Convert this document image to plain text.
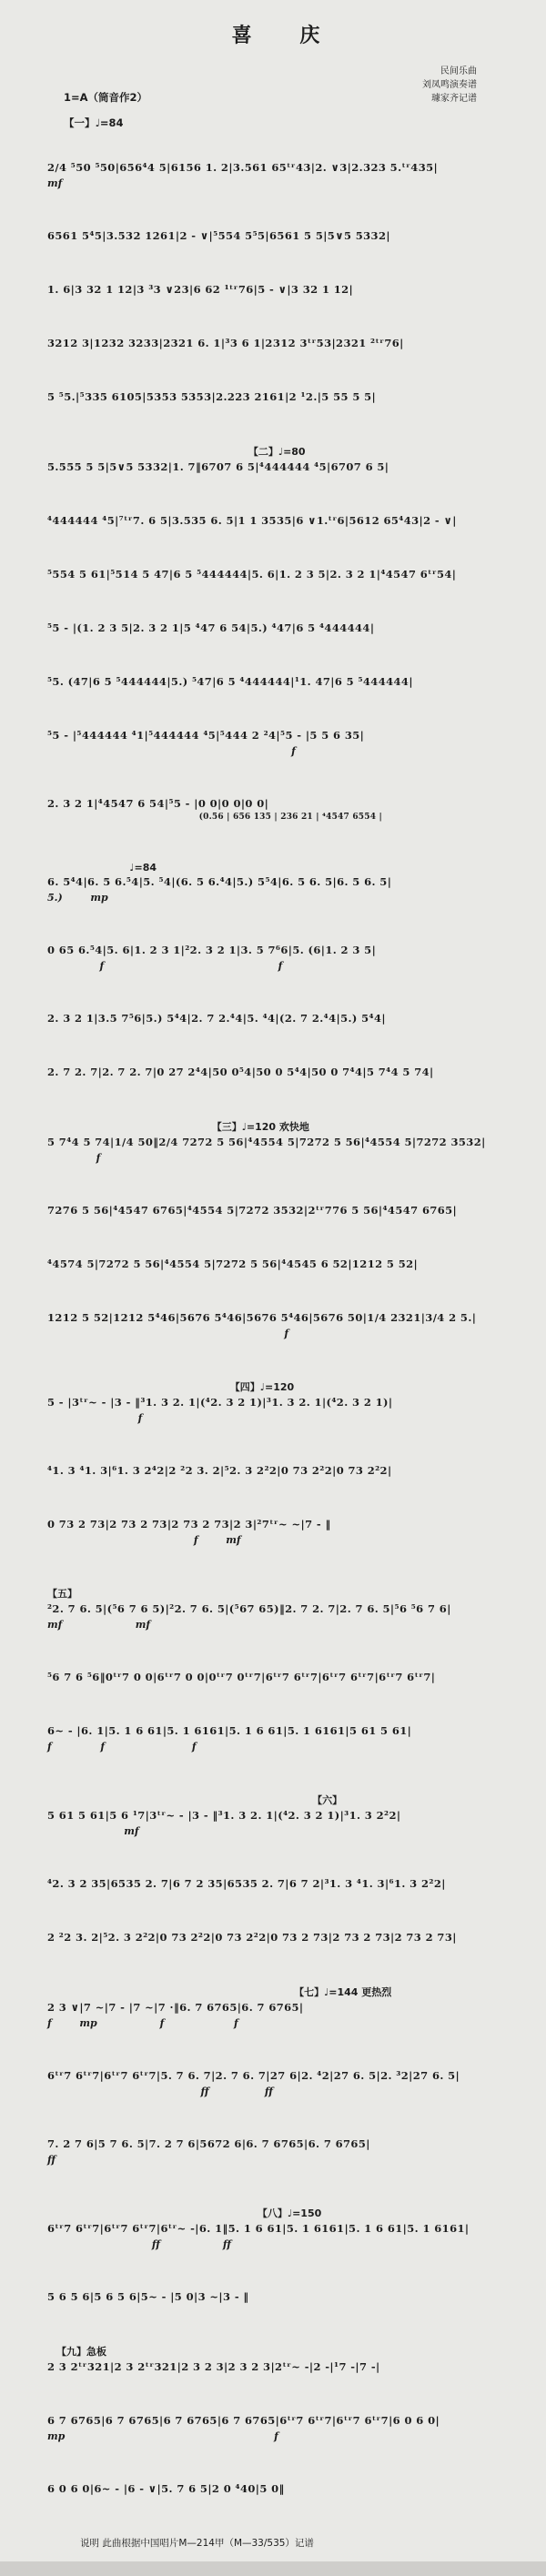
喜庆
1=A（筒音作2）
【一】♩=84
民间乐曲
刘凤鸣演奏谱
璩家齐记谱
2/4 ⁵50 ⁵50|656⁴4 5|6156 1. 2|3.561 65ᵗʳ43|2. ∨3|2.323 5.ᵗʳ435|
mf
6561 5⁴5|3.532 1261|2 - ∨|⁵554 5⁵5|6561 5 5|5∨5 5332|
1. 6|3 32 1 12|3 ³3 ∨23|6 62 ¹ᵗʳ76|5 - ∨|3 32 1 12|
3212 3|1232 3233|2321 6. 1|³3 6 1|2312 3ᵗʳ53|2321 ²ᵗʳ76|
5 ⁵5.|⁵335 6105|5353 5353|2.223 2161|2 ¹2.|5 55 5 5|
【二】♩=80
5.555 5 5|5∨5 5332|1. 7‖6707 6 5|⁴444444 ⁴5|6707 6 5|
⁴444444 ⁴5|⁷ᵗʳ7. 6 5|3.535 6. 5|1 1 3535|6 ∨1.ᵗʳ6|5612 65⁴43|2 - ∨|
⁵554 5 61|⁵514 5 47|6 5 ⁵444444|5. 6|1. 2 3 5|2. 3 2 1|⁴4547 6ᵗʳ54|
⁵5 - |(1. 2 3 5|2. 3 2 1|5 ⁴47 6 54|5.) ⁴47|6 5 ⁴444444|
⁵5. (47|6 5 ⁵444444|5.) ⁵47|6 5 ⁴444444|¹1. 47|6 5 ⁵444444|
⁵5 - |⁵444444 ⁴1|⁵444444 ⁴5|⁵444 2 ²4|⁵5 - |5 5 6 35|
f
2. 3 2 1|⁴4547 6 54|⁵5 - |0 0|0 0|0 0|
(0.56 | 656 135 | 236 21 | ⁴4547 6554 |
♩=84
6. 5⁴4|6. 5 6.⁵4|5. ⁵4|(6. 5 6.⁴4|5.) 5⁵4|6. 5 6. 5|6. 5 6. 5|
5.)        mp
0 65 6.⁵4|5. 6|1. 2 3 1|²2. 3 2 1|3. 5 7⁶6|5. (6|1. 2 3 5|
f                                                  f
2. 3 2 1|3.5 7⁵6|5.) 5⁴4|2. 7 2.⁴4|5. ⁴4|(2. 7 2.⁴4|5.) 5⁴4|
2. 7 2. 7|2. 7 2. 7|0 27 2⁴4|50 0⁵4|50 0 5⁴4|50 0 7⁴4|5 7⁴4 5 74|
【三】♩=120 欢快地
5 7⁴4 5 74|1/4 50‖2/4 7272 5 56|⁴4554 5|7272 5 56|⁴4554 5|7272 3532|
f
7276 5 56|⁴4547 6765|⁴4554 5|7272 3532|2ᵗʳ776 5 56|⁴4547 6765|
⁴4574 5|7272 5 56|⁴4554 5|7272 5 56|⁴4545 6 52|1212 5 52|
1212 5 52|1212 5⁴46|5676 5⁴46|5676 5⁴46|5676 50|1/4 2321|3/4 2 5.|
f
【四】♩=120
5 - |3ᵗʳ~ - |3 - ‖³1. 3 2. 1|(⁴2. 3 2 1)|³1. 3 2. 1|(⁴2. 3 2 1)|
f
⁴1. 3 ⁴1. 3|⁶1. 3 2⁴2|2 ²2 3. 2|⁵2. 3 2²2|0 73 2²2|0 73 2²2|
0 73 2 73|2 73 2 73|2 73 2 73|2 3|²7ᵗʳ~ ~|7 - ‖
f        mf
【五】
²2. 7 6. 5|(⁵6 7 6 5)|²2. 7 6. 5|(⁵67 65)‖2. 7 2. 7|2. 7 6. 5|⁵6 ⁵6 7 6|
mf                     mf
⁵6 7 6 ⁵6‖0ᵗʳ7 0 0|6ᵗʳ7 0 0|0ᵗʳ7 0ᵗʳ7|6ᵗʳ7 6ᵗʳ7|6ᵗʳ7 6ᵗʳ7|6ᵗʳ7 6ᵗʳ7|
6~ - |6. 1|5. 1 6 61|5. 1 6161|5. 1 6 61|5. 1 6161|5 61 5 61|
f              f                         f
【六】
5 61 5 61|5 6 ¹7|3ᵗʳ~ - |3 - ‖³1. 3 2. 1|(⁴2. 3 2 1)|³1. 3 2²2|
mf
⁴2. 3 2 35|6535 2. 7|6 7 2 35|6535 2. 7|6 7 2|³1. 3 ⁴1. 3|⁶1. 3 2²2|
2 ²2 3. 2|⁵2. 3 2²2|0 73 2²2|0 73 2²2|0 73 2 73|2 73 2 73|2 73 2 73|
【七】♩=144 更热烈
2 3 ∨|7 ~|7 - |7 ~|7 ·‖6. 7 6765|6. 7 6765|
f        mp                  f                    f
6ᵗʳ7 6ᵗʳ7|6ᵗʳ7 6ᵗʳ7|5. 7 6. 7|2. 7 6. 7|27 6|2. ⁴2|27 6. 5|2. ³2|27 6. 5|
ff                ff
7. 2 7 6|5 7 6. 5|7. 2 7 6|5672 6|6. 7 6765|6. 7 6765|
ff
【八】♩=150
6ᵗʳ7 6ᵗʳ7|6ᵗʳ7 6ᵗʳ7|6ᵗʳ~ -|6. 1‖5. 1 6 61|5. 1 6161|5. 1 6 61|5. 1 6161|
ff                  ff
5 6 5 6|5 6 5 6|5~ - |5 0|3 ~|3 - ‖
【九】急板
2 3 2ᵗʳ321|2 3 2ᵗʳ321|2 3 2 3|2 3 2 3|2ᵗʳ~ -|2 -|¹7 -|7 -|
6 7 6765|6 7 6765|6 7 6765|6 7 6765|6ᵗʳ7 6ᵗʳ7|6ᵗʳ7 6ᵗʳ7|6 0 6 0|
mp                                                            f
6 0 6 0|6~ - |6 - ∨|5. 7 6 5|2 0 ⁴40|5 0‖
说明 此曲根据中国唱片M—214甲（M—33/535）记谱
